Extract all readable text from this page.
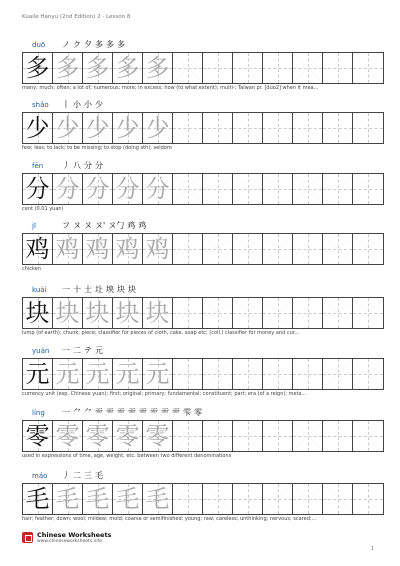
Kuaile Hanyu (2nd Edition) 2 - Lesson 8
duō ノ ク 夕 多 多 多
多 多 多 多 多
many; much; often; a lot of; numerous; more; in excess; how (to what extent); multi-; Taiwan pr. [duo2] when it mea...
shǎo 丨 小 小 少
少 少 少 少 少
few; less; to lack; to be missing; to stop (doing sth); seldom
fēn 丿 八 分 分
分 分 分 分 分
cent (0.01 yuan)
jī	フ ヌ ヌ ヌ' ヌ勹 鸡 鸡
鸡 鸡 鸡 鸡 鸡
chicken
kuài 一 十 土 圵 坱 块 块
块 块 块 块 块
lump (of earth); chunk; piece; classifier for pieces of cloth, cake, soap etc; (coll.) classifier for money and cur...
yuán 一 二 テ 元
元 元 元 元 元
currency unit (esp. Chinese yuan); first; original; primary; fundamental; constituent; part; era (of a reign); meta...
líng 一 ⺈ ⺈ ⻗ ⻗ ⻗ ⻗ ⻗ ⻗ ⻗ ⻗ 雫 零
零 零 零 零 零
used in expressions of time, age, weight, etc. between two different denominations
máo 丿 二 三 毛
毛 毛 毛 毛 毛
hair; feather; down; wool; mildew; mold; coarse or semifinished; young; raw; careless; unthinking; nervous; scared;...
Chinese Worksheets
www.chineseworksheets.info
1
